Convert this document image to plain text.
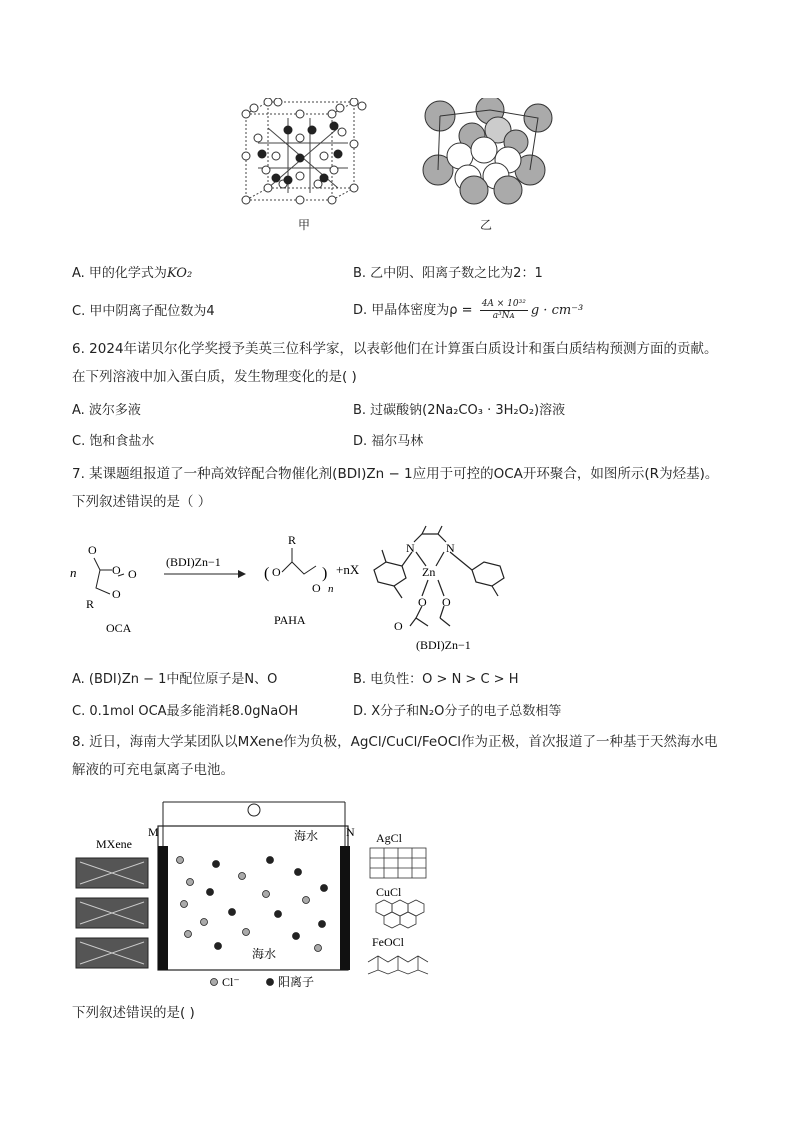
甲	乙
A. 甲的化学式为KO₂	B. 乙中阴、阳离子数之比为2：1
C. 甲中阴离子配位数为4	D. 甲晶体密度为$\rho = \frac{\text{4A × 10³²}}{\text{a³Nᴀ}}$ g · cm⁻³
6. 2024年诺贝尔化学奖授予美英三位科学家，以表彰他们在计算蛋白质设计和蛋白质结构预测方面的贡献。在下列溶液中加入蛋白质，发生物理变化的是( )
A. 波尔多液	B. 过碳酸钠(2Na₂CO₃ · 3H₂O₂)溶液
C. 饱和食盐水	D. 福尔马林
7. 某课题组报道了一种高效锌配合物催化剂(BDI)Zn − 1应用于可控的OCA开环聚合，如图所示(R为烃基)。下列叙述错误的是（ ）
n
O
O
O
O
R
OCA
(BDI)Zn−1
R
( O
O
)
n
+nX
PAHA
N	N
Zn
O O
O
(BDI)Zn−1
A. (BDI)Zn − 1中配位原子是N、O	B. 电负性：O > N > C > H
C. 0.1mol OCA最多能消耗8.0gNaOH	D. X分子和N₂O分子的电子总数相等
8. 近日，海南大学某团队以MXene作为负极，AgCl/CuCl/FeOCl作为正极，首次报道了一种基于天然海水电解液的可充电氯离子电池。
MXene
M	N
海水
海水
Cl⁻	阳离子
AgCl
CuCl
FeOCl
下列叙述错误的是( )
